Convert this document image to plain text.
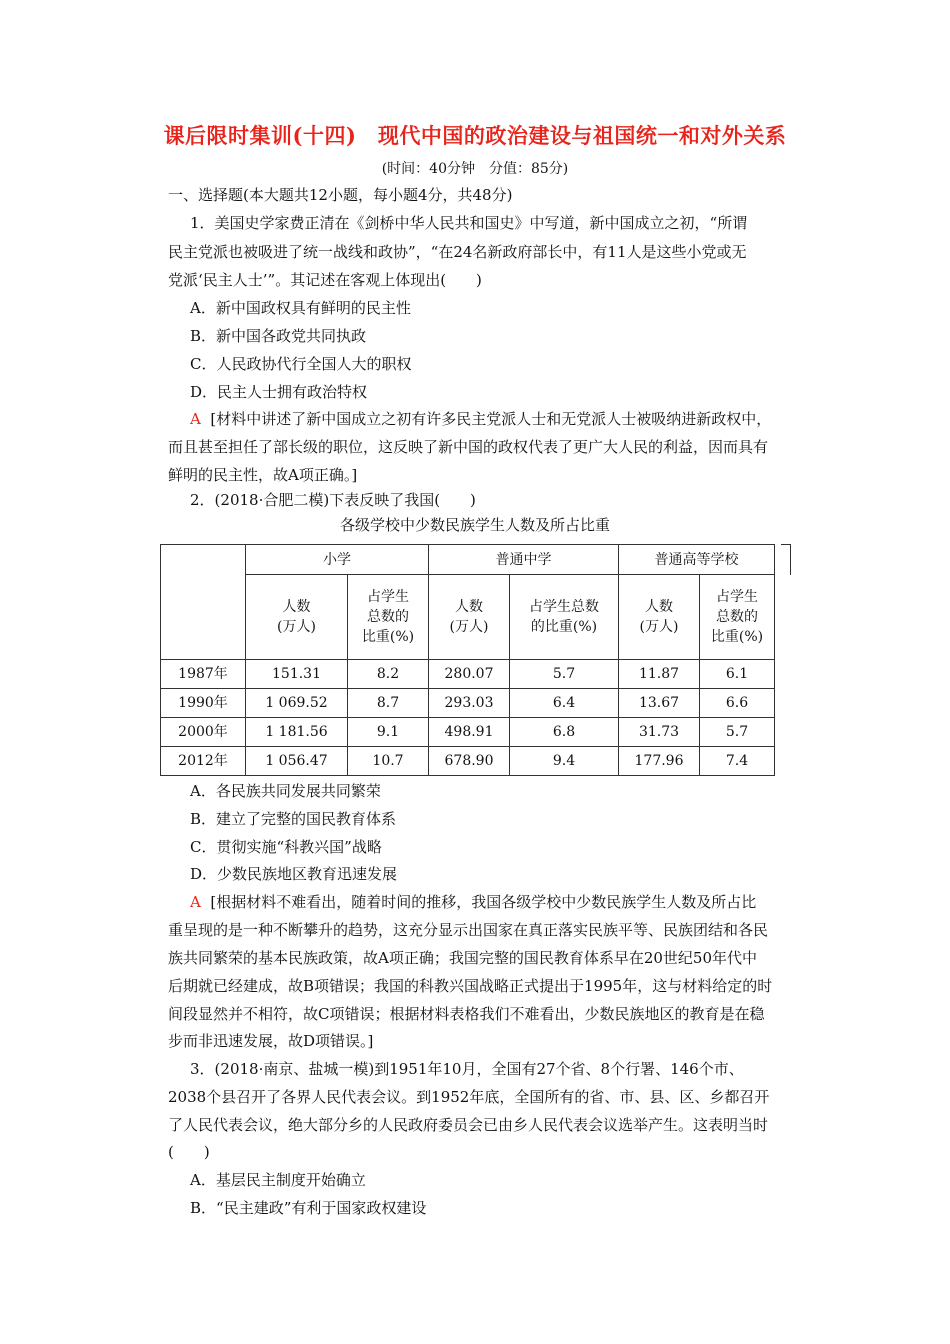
课后限时集训(十四)　现代中国的政治建设与祖国统一和对外关系
(时间：40分钟　分值：85分)
一、选择题(本大题共12小题，每小题4分，共48分)
1．美国史学家费正清在《剑桥中华人民共和国史》中写道，新中国成立之初，“所谓
民主党派也被吸进了统一战线和政协”，“在24名新政府部长中，有11人是这些小党或无
党派‘民主人士’”。其记述在客观上体现出(　　)
A．新中国政权具有鲜明的民主性
B．新中国各政党共同执政
C．人民政协代行全国人大的职权
D．民主人士拥有政治特权
A [材料中讲述了新中国成立之初有许多民主党派人士和无党派人士被吸纳进新政权中，
而且甚至担任了部长级的职位，这反映了新中国的政权代表了更广大人民的利益，因而具有
鲜明的民主性，故A项正确。]
2．(2018·合肥二模)下表反映了我国(　　)
各级学校中少数民族学生人数及所占比重
	小学		普通中学		普通高等学校	
	人数
(万人)	占学生
总数的
比重(%)	人数
(万人)	占学生总数
的比重(%)	人数
(万人)	占学生
总数的
比重(%)
1987年	151.31	8.2	280.07	5.7	11.87	6.1
1990年	1 069.52	8.7	293.03	6.4	13.67	6.6
2000年	1 181.56	9.1	498.91	6.8	31.73	5.7
2012年	1 056.47	10.7	678.90	9.4	177.96	7.4
A．各民族共同发展共同繁荣
B．建立了完整的国民教育体系
C．贯彻实施“科教兴国”战略
D．少数民族地区教育迅速发展
A [根据材料不难看出，随着时间的推移，我国各级学校中少数民族学生人数及所占比
重呈现的是一种不断攀升的趋势，这充分显示出国家在真正落实民族平等、民族团结和各民
族共同繁荣的基本民族政策，故A项正确；我国完整的国民教育体系早在20世纪50年代中
后期就已经建成，故B项错误；我国的科教兴国战略正式提出于1995年，这与材料给定的时
间段显然并不相符，故C项错误；根据材料表格我们不难看出，少数民族地区的教育是在稳
步而非迅速发展，故D项错误。]
3．(2018·南京、盐城一模)到1951年10月，全国有27个省、8个行署、146个市、
2038个县召开了各界人民代表会议。到1952年底，全国所有的省、市、县、区、乡都召开
了人民代表会议，绝大部分乡的人民政府委员会已由乡人民代表会议选举产生。这表明当时
(　　)
A．基层民主制度开始确立
B．“民主建政”有利于国家政权建设
